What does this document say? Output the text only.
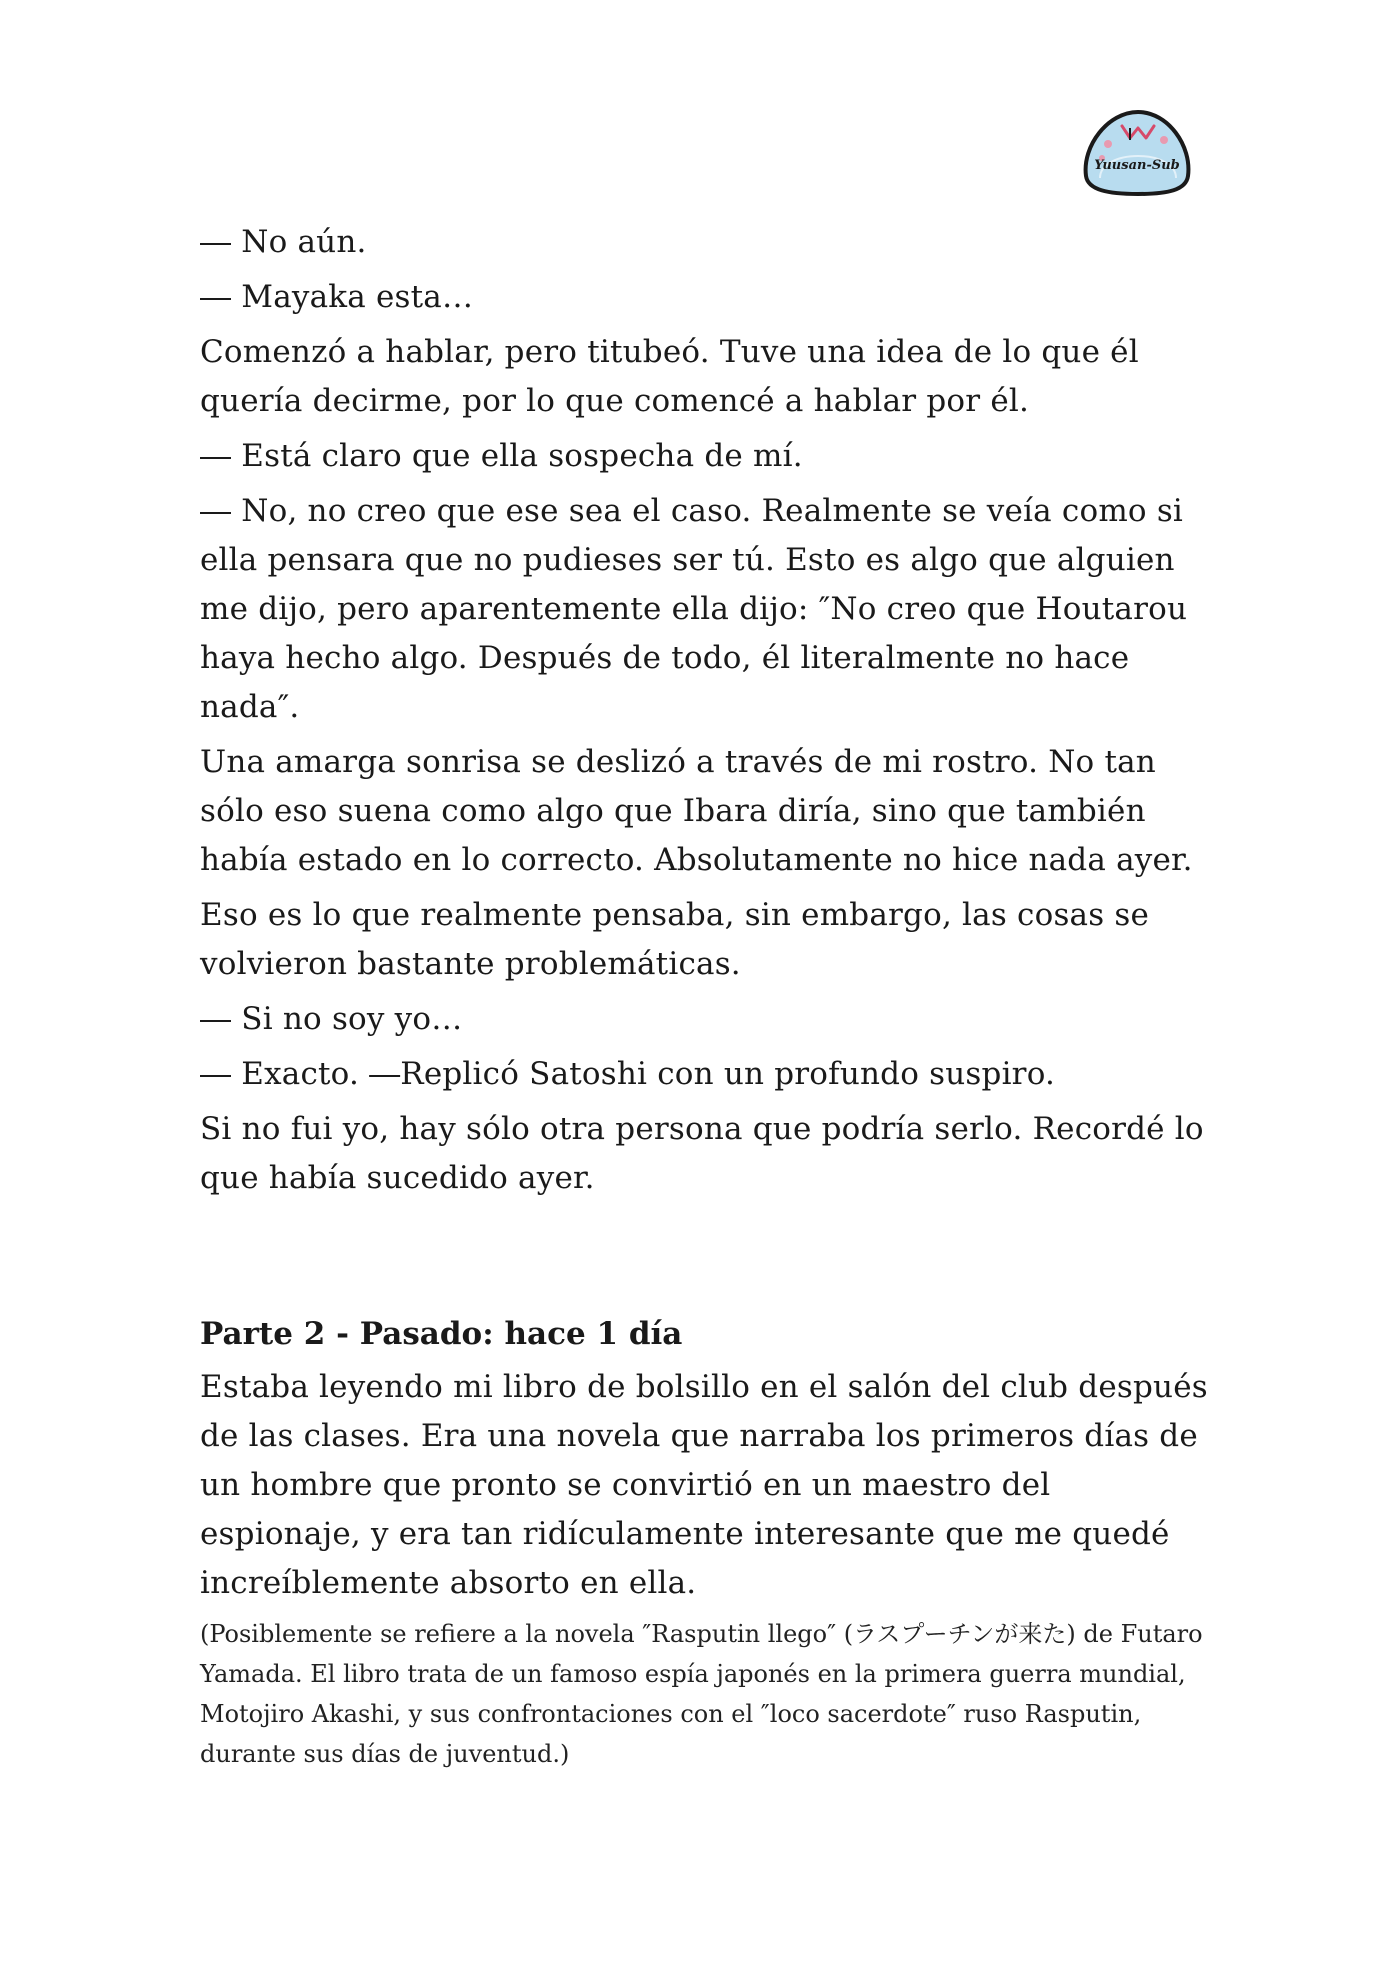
Yuusan-Sub

― No aún.

― Mayaka esta…

Comenzó a hablar, pero titubeó. Tuve una idea de lo que él quería decirme, por lo que comencé a hablar por él.

― Está claro que ella sospecha de mí.

― No, no creo que ese sea el caso. Realmente se veía como si ella pensara que no pudieses ser tú. Esto es algo que alguien me dijo, pero aparentemente ella dijo: ″No creo que Houtarou haya hecho algo. Después de todo, él literalmente no hace nada″.

Una amarga sonrisa se deslizó a través de mi rostro. No tan sólo eso suena como algo que Ibara diría, sino que también había estado en lo correcto. Absolutamente no hice nada ayer.

Eso es lo que realmente pensaba, sin embargo, las cosas se volvieron bastante problemáticas.

― Si no soy yo…

― Exacto. ―Replicó Satoshi con un profundo suspiro.

Si no fui yo, hay sólo otra persona que podría serlo. Recordé lo que había sucedido ayer.

Parte 2 - Pasado: hace 1 día

Estaba leyendo mi libro de bolsillo en el salón del club después de las clases. Era una novela que narraba los primeros días de un hombre que pronto se convirtió en un maestro del espionaje, y era tan ridículamente interesante que me quedé increíblemente absorto en ella.

(Posiblemente se refiere a la novela ″Rasputin llego″ (ラスプーチンが来た) de Futaro Yamada. El libro trata de un famoso espía japonés en la primera guerra mundial, Motojiro Akashi, y sus confrontaciones con el ″loco sacerdote″ ruso Rasputin, durante sus días de juventud.)
